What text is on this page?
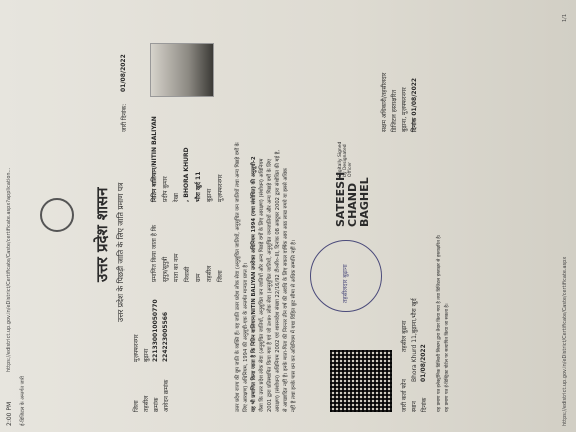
2:00 PM
https://edistrict.up.gov.in/eDistrict/Certificate/Caste/certificate.aspx?application...
ई-डिजिटल के अन्तर्गत जारी
उत्तर प्रदेश शासन उत्तर प्रदेश के पिछड़ी जाति के लिए जाति प्रमाण पत्र
जारी दिनांक:
01/08/2022
जिला
मुज़फ्फरनगर
तहसील
बुढ़ाना
क्रमांक
221330010050770
आवेदन क्रमांक
224223005566
प्रमाणित किया जाता है कि
नितिन बालियान/NITIN BALIYAN
सुपुत्र/सुपुत्री
प्रदीप कुमार
माता का नाम
रेखा
निवासी
, BHORA KHURD
ग्राम
भौरा खुर्द 11
तहसील
बुढ़ाना
जिला
मुज़फ्फरनगर उत्तर प्रदेश राज्य की ग्रुप जाति के व्यक्ति हैं। यह जाति उत्तर प्रदेश लोक सेवा (अनुसूचित जातियों, अनुसूचित जन जातियों तथा अन्य पिछड़े वर्गों के लिए आरक्षण) अधिनियम, 1994 की अनुसूची-एक के अन्तर्गत मान्यता प्राप्त है। यह भी प्रमाणित किया जाता है कि नितिन बालियान/NITIN BALIYAN उपरोक्त अधिनियम 1994 (यथा संशोधित) की अनुसूची-2 जैसा कि उत्तर प्रदेश लोक सेवा (अनुसूचित जातियों, अनुसूचित जन जातियों और अन्य पिछड़े वर्गों के लिए आरक्षण) (संशोधन) अधिनियम 2001 द्वारा प्रतिस्थापित किया गया है एवं जो उ०प्र० लोक सेवा (अनुसूचित जातियों, अनुसूचित जनजातियों और अन्य पिछड़े वर्गों के लिए आरक्षण) (संशोधन) अधिनियम 2002 एवं शासनादेश संख्या 22/16/92 टी०सी०-III, दिनांक 08 अक्टूबर 2002 द्वारा संशोधित की गई है, से आच्छादित नहीं है। इनके माता-पिता की निरन्तर तीन वर्ष की अवधि के लिए सकल वार्षिक आय आठ लाख रुपये या इससे अधिक नहीं है तथा इनके पास धन कर अधिनियम में यथा विहित छूट सीमा से अधिक सम्पत्ति नहीं है।	तहसीलदार बुढ़ाना
SATEESH CHAND BAGHEL
Digitally Signed by Designated Officer
सक्षम अधिकारी/तहसीलदार डिजिटल हस्ताक्षरित बुढ़ाना, मुज़फ्फरनगर दिनांक 01/08/2022
जारी कर्ता फोन
तहसील बुढ़ाना
स्थान
Bhora Khurd 11,बुढ़ाना,भौरा खुर्द
दिनांक
01/08/2022 यह प्रमाण पत्र इलेक्ट्रॉनिक डिलिवरी सिस्टम द्वारा तैयार किया गया है तथा डिजिटल हस्ताक्षर से हस्ताक्षरित है। यह प्रमाण पत्र ई-डिस्ट्रिक्ट पोर्टल पर सत्यापित किया जा सकता है।	https://edistrict.up.gov.in/eDistrict/Certificate/Caste/certificate.aspx
1/1
